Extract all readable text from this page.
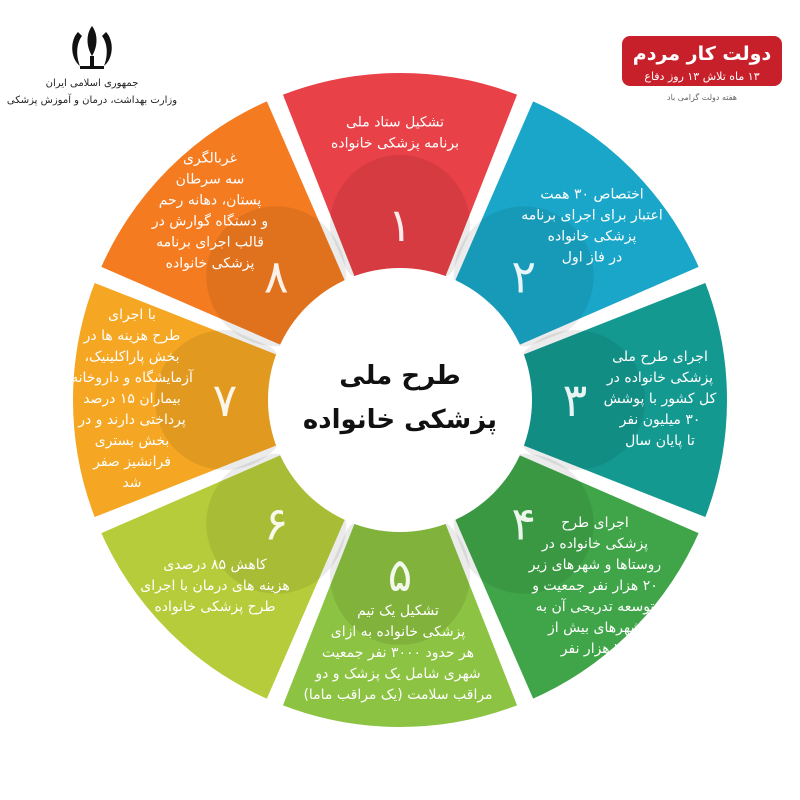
جمهوری اسلامی ایران
وزارت بهداشت، درمان و آموزش پزشکی
دولت کار مردم
۱۳ ماه تلاش ۱۳ روز دفاع
هفته دولت گرامی باد
۱
تشکیل ستاد ملی
برنامه پزشکی خانواده
۲
اختصاص ۳۰ همت
اعتبار برای اجرای برنامه
پزشکی خانواده
در فاز اول
۳
اجرای طرح ملی
پزشکی خانواده در
کل کشور با پوشش
۳۰ میلیون نفر
تا پایان سال
۴ اجرای طرح
پزشکی خانواده در
روستاها و شهرهای زیر
۲۰ هزار نفر جمعیت و
توسعه تدریجی آن به
شهرهای بیش از
۲۰ هزار نفر
۵
تشکیل یک تیم
پزشکی خانواده به ازای
هر حدود ۳۰۰۰ نفر جمعیت
شهری شامل یک پزشک و دو
مراقب سلامت (یک مراقب ماما)
۶
کاهش ۸۵ درصدی
هزینه های درمان با اجرای
طرح پزشکی خانواده
۷
با اجرای
طرح هزینه ها در
بخش پاراکلینیک،
آزمایشگاه و داروخانه
بیماران ۱۵ درصد
پرداختی دارند و در
بخش بستری
فرانشیز صفر
شد
۸
غربالگری
سه سرطان
پستان، دهانه رحم
و دستگاه گوارش در
قالب اجرای برنامه
پزشکی خانواده
طرح ملی
پزشکی خانواده
